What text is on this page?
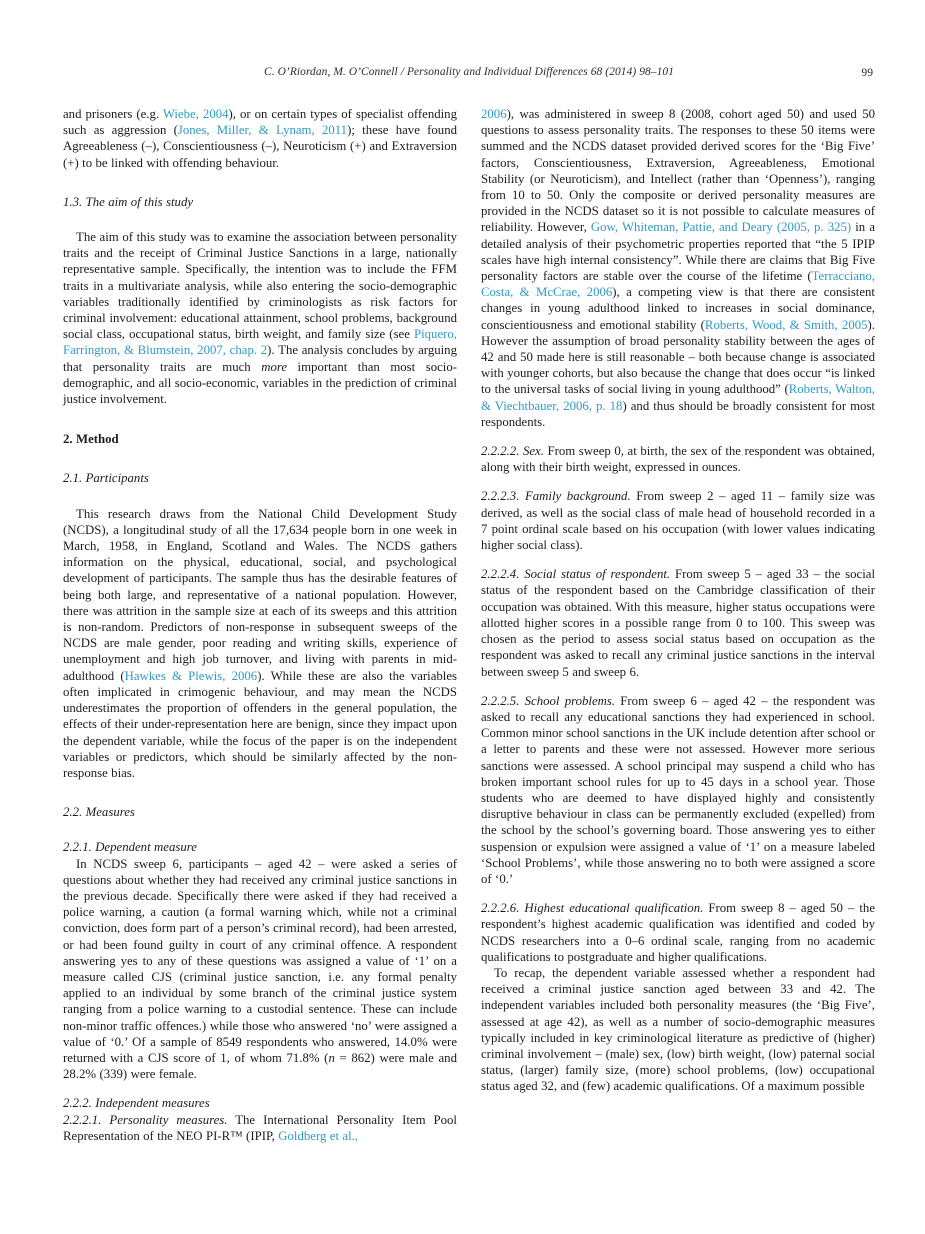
C. O’Riordan, M. O’Connell / Personality and Individual Differences 68 (2014) 98–101	99
and prisoners (e.g. Wiebe, 2004), or on certain types of specialist offending such as aggression (Jones, Miller, & Lynam, 2011); these have found Agreeableness (–), Conscientiousness (–), Neuroticism (+) and Extraversion (+) to be linked with offending behaviour.
1.3. The aim of this study
The aim of this study was to examine the association between personality traits and the receipt of Criminal Justice Sanctions in a large, nationally representative sample. Specifically, the intention was to include the FFM traits in a multivariate analysis, while also entering the socio-demographic variables traditionally identified by criminologists as risk factors for criminal involvement: educational attainment, school problems, background social class, occupational status, birth weight, and family size (see Piquero, Farrington, & Blumstein, 2007, chap. 2). The analysis concludes by arguing that personality traits are much more important than most socio-demographic, and all socio-economic, variables in the prediction of criminal justice involvement.
2. Method
2.1. Participants
This research draws from the National Child Development Study (NCDS), a longitudinal study of all the 17,634 people born in one week in March, 1958, in England, Scotland and Wales. The NCDS gathers information on the physical, educational, social, and psychological development of participants. The sample thus has the desirable features of being both large, and representative of a national population. However, there was attrition in the sample size at each of its sweeps and this attrition is non-random. Predictors of non-response in subsequent sweeps of the NCDS are male gender, poor reading and writing skills, experience of unemployment and high job turnover, and living with parents in mid-adulthood (Hawkes & Plewis, 2006). While these are also the variables often implicated in crimogenic behaviour, and may mean the NCDS underestimates the proportion of offenders in the general population, the effects of their under-representation here are benign, since they impact upon the dependent variable, while the focus of the paper is on the independent variables or predictors, which should be similarly affected by the non-response bias.
2.2. Measures
2.2.1. Dependent measure
In NCDS sweep 6, participants – aged 42 – were asked a series of questions about whether they had received any criminal justice sanctions in the previous decade. Specifically there were asked if they had received a police warning, a caution (a formal warning which, while not a criminal conviction, does form part of a person’s criminal record), had been arrested, or had been found guilty in court of any criminal offence. A respondent answering yes to any of these questions was assigned a value of ‘1’ on a measure called CJS (criminal justice sanction, i.e. any formal penalty applied to an individual by some branch of the criminal justice system ranging from a police warning to a custodial sentence. These can include non-minor traffic offences.) while those who answered ‘no’ were assigned a value of ‘0.’ Of a sample of 8549 respondents who answered, 14.0% were returned with a CJS score of 1, of whom 71.8% (n = 862) were male and 28.2% (339) were female.
2.2.2. Independent measures
2.2.2.1. Personality measures. The International Personality Item Pool Representation of the NEO PI-R™ (IPIP, Goldberg et al.,
2006), was administered in sweep 8 (2008, cohort aged 50) and used 50 questions to assess personality traits. The responses to these 50 items were summed and the NCDS dataset provided derived scores for the ‘Big Five’ factors, Conscientiousness, Extraversion, Agreeableness, Emotional Stability (or Neuroticism), and Intellect (rather than ‘Openness’), ranging from 10 to 50. Only the composite or derived personality measures are provided in the NCDS dataset so it is not possible to calculate measures of reliability. However, Gow, Whiteman, Pattie, and Deary (2005, p. 325) in a detailed analysis of their psychometric properties reported that “the 5 IPIP scales have high internal consistency”. While there are claims that Big Five personality factors are stable over the course of the lifetime (Terracciano, Costa, & McCrae, 2006), a competing view is that there are consistent changes in young adulthood linked to increases in social dominance, conscientiousness and emotional stability (Roberts, Wood, & Smith, 2005). However the assumption of broad personality stability between the ages of 42 and 50 made here is still reasonable – both because change is associated with younger cohorts, but also because the change that does occur “is linked to the universal tasks of social living in young adulthood” (Roberts, Walton, & Viechtbauer, 2006, p. 18) and thus should be broadly consistent for most respondents.
2.2.2.2. Sex. From sweep 0, at birth, the sex of the respondent was obtained, along with their birth weight, expressed in ounces.
2.2.2.3. Family background. From sweep 2 – aged 11 – family size was derived, as well as the social class of male head of household recorded in a 7 point ordinal scale based on his occupation (with lower values indicating higher social class).
2.2.2.4. Social status of respondent. From sweep 5 – aged 33 – the social status of the respondent based on the Cambridge classification of their occupation was obtained. With this measure, higher status occupations were allotted higher scores in a possible range from 0 to 100. This sweep was chosen as the period to assess social status based on occupation as the respondent was asked to recall any criminal justice sanctions in the interval between sweep 5 and sweep 6.
2.2.2.5. School problems. From sweep 6 – aged 42 – the respondent was asked to recall any educational sanctions they had experienced in school. Common minor school sanctions in the UK include detention after school or a letter to parents and these were not assessed. However more serious sanctions were assessed. A school principal may suspend a child who has broken important school rules for up to 45 days in a school year. Those students who are deemed to have displayed highly and consistently disruptive behaviour in class can be permanently excluded (expelled) from the school by the school’s governing board. Those answering yes to either suspension or expulsion were assigned a value of ‘1’ on a measure labeled ‘School Problems’, while those answering no to both were assigned a score of ‘0.’
2.2.2.6. Highest educational qualification. From sweep 8 – aged 50 – the respondent’s highest academic qualification was identified and coded by NCDS researchers into a 0–6 ordinal scale, ranging from no academic qualifications to postgraduate and higher qualifications.
To recap, the dependent variable assessed whether a respondent had received a criminal justice sanction aged between 33 and 42. The independent variables included both personality measures (the ‘Big Five’, assessed at age 42), as well as a number of socio-demographic measures typically included in key criminological literature as predictive of (higher) criminal involvement – (male) sex, (low) birth weight, (low) paternal social status, (larger) family size, (more) school problems, (low) occupational status aged 32, and (few) academic qualifications. Of a maximum possible
